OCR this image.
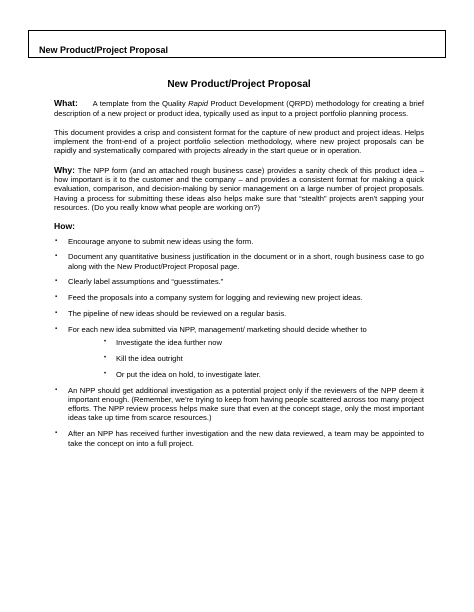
New Product/Project Proposal
New Product/Project Proposal

What: A template from the Quality Rapid Product Development (QRPD) methodology for creating a brief description of a new project or product idea, typically used as input to a project portfolio planning process.

This document provides a crisp and consistent format for the capture of new product and project ideas. Helps implement the front-end of a project portfolio selection methodology, where new project proposals can be rapidly and systematically compared with projects already in the start queue or in operation.

Why: The NPP form (and an attached rough business case) provides a sanity check of this product idea – how important is it to the customer and the company – and provides a consistent format for making a quick evaluation, comparison, and decision-making by senior management on a large number of project proposals. Having a process for submitting these ideas also helps make sure that “stealth” projects aren't sapping your resources. (Do you really know what people are working on?)

How:
▪ Encourage anyone to submit new ideas using the form.
▪ Document any quantitative business justification in the document or in a short, rough business case to go along with the New Product/Project Proposal page.
▪ Clearly label assumptions and “guesstimates.”
▪ Feed the proposals into a company system for logging and reviewing new project ideas.
▪ The pipeline of new ideas should be reviewed on a regular basis.
▪ For each new idea submitted via NPP, management/ marketing should decide whether to
• Investigate the idea further now
• Kill the idea outright
• Or put the idea on hold, to investigate later.
▪ An NPP should get additional investigation as a potential project only if the reviewers of the NPP deem it important enough. (Remember, we’re trying to keep from having people scattered across too many project efforts. The NPP review process helps make sure that even at the concept stage, only the most important ideas take up time from scarce resources.)
▪ After an NPP has received further investigation and the new data reviewed, a team may be appointed to take the concept on into a full project.
